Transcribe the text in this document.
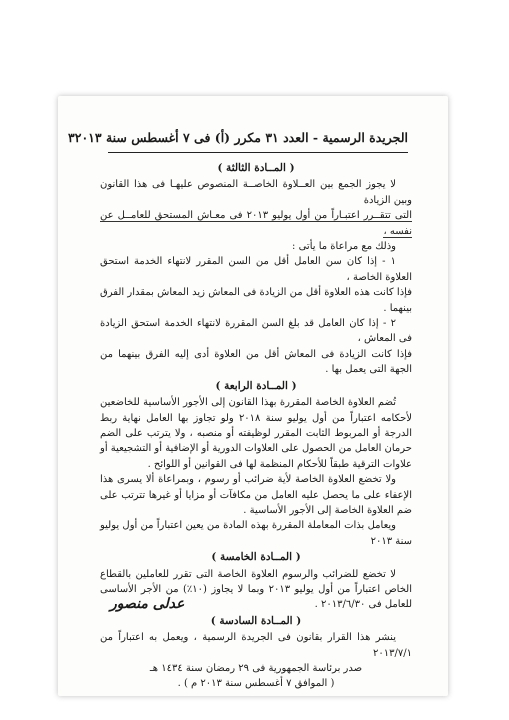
الجريدة الرسمية - العدد ٣١ مكرر (أ) فى ٧ أغسطس سنة ٢٠١٣
٣

( المــادة الثالثة )

لا يجوز الجمع بين العــلاوة الخاصــة المنصوص عليهـا فى هذا القانون وبين الزيادة

التى تتقــرر اعتبـاراً من أول يوليو ٢٠١٣ فى معـاش المستحق للعامــل عن نفسه ،

وذلك مع مراعاة ما يأتى :

١ - إذا كان سن العامل أقل من السن المقرر لانتهاء الخدمة استحق العلاوة الخاصة ،

فإذا كانت هذه العلاوة أقل من الزيادة فى المعاش زيد المعاش بمقدار الفرق بينهما .

٢ - إذا كان العامل قد بلغ السن المقررة لانتهاء الخدمة استحق الزيادة فى المعاش ،

فإذا كانت الزيادة فى المعاش أقل من العلاوة أدى إليه الفرق بينهما من الجهة التى يعمل بها .

( المــادة الرابعة )

تُضم العلاوة الخاصة المقررة بهذا القانون إلى الأجور الأساسية للخاضعين لأحكامه اعتباراً من أول يوليو سنة ٢٠١٨ ولو تجاوز بها العامل نهاية ربط الدرجة أو المربوط الثابت المقرر لوظيفته أو منصبه ، ولا يترتب على الضم حرمان العامل من الحصول على العلاوات الدورية أو الإضافية أو التشجيعية أو علاوات الترقية طبقاً للأحكام المنظمة لها فى القوانين أو اللوائح .

ولا تخضع العلاوة الخاصة لأية ضرائب أو رسوم ، وبمراعاة ألا يسرى هذا الإعفاء على ما يحصل عليه العامل من مكافآت أو مزايا أو غيرها تترتب على ضم العلاوة الخاصة إلى الأجور الأساسية .

ويعامل بذات المعاملة المقررة بهذه المادة من يعين اعتباراً من أول يوليو سنة ٢٠١٣

( المــادة الخامسة )

لا تخضع للضرائب والرسوم العلاوة الخاصة التى تقرر للعاملين بالقطاع الخاص اعتباراً من أول يوليو ٢٠١٣ وبما لا يجاوز (١٠٪) من الأجر الأساسى للعامل فى ٢٠١٣/٦/٣٠ .

( المــادة السادسة )

ينشر هذا القرار بقانون فى الجريدة الرسمية ، ويعمل به اعتباراً من ٢٠١٣/٧/١

صدر برئاسة الجمهورية فى ٢٩ رمضان سنة ١٤٣٤ هـ

( الموافق ٧ أغسطس سنة ٢٠١٣ م ) .

عدلى منصور
